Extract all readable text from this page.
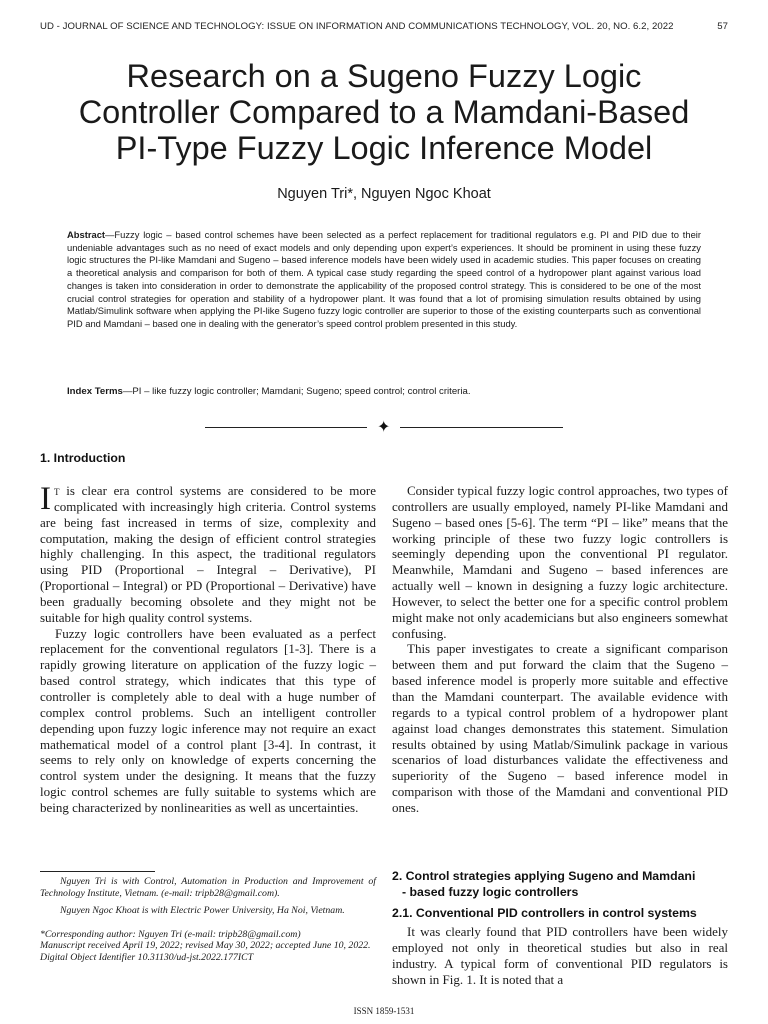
UD - JOURNAL OF SCIENCE AND TECHNOLOGY: ISSUE ON INFORMATION AND COMMUNICATIONS TECHNOLOGY, VOL. 20, NO. 6.2, 2022	57
Research on a Sugeno Fuzzy Logic
Controller Compared to a Mamdani-Based
PI-Type Fuzzy Logic Inference Model
Nguyen Tri*, Nguyen Ngoc Khoat
Abstract—Fuzzy logic – based control schemes have been selected as a perfect replacement for traditional regulators e.g. PI and PID due to their undeniable advantages such as no need of exact models and only depending upon expert’s experiences. It should be prominent in using these fuzzy logic structures the PI-like Mamdani and Sugeno – based inference models have been widely used in academic studies. This paper focuses on creating a theoretical analysis and comparison for both of them. A typical case study regarding the speed control of a hydropower plant against various load changes is taken into consideration in order to demonstrate the applicability of the proposed control strategy. This is considered to be one of the most crucial control strategies for operation and stability of a hydropower plant. It was found that a lot of promising simulation results obtained by using Matlab/Simulink software when applying the PI-like Sugeno fuzzy logic controller are superior to those of the existing counterparts such as conventional PID and Mamdani – based one in dealing with the generator’s speed control problem presented in this study.
Index Terms—PI – like fuzzy logic controller; Mamdani; Sugeno; speed control; control criteria.
✦
1. Introduction

It is clear era control systems are considered to be more complicated with increasingly high criteria. Control systems are being fast increased in terms of size, complexity and computation, making the design of efficient control strategies highly challenging. In this aspect, the traditional regulators using PID (Proportional – Integral – Derivative), PI (Proportional – Integral) or PD (Proportional – Derivative) have been gradually becoming obsolete and they might not be suitable for high quality control systems.

Fuzzy logic controllers have been evaluated as a perfect replacement for the conventional regulators [1-3]. There is a rapidly growing literature on application of the fuzzy logic – based control strategy, which indicates that this type of controller is completely able to deal with a huge number of complex control problems. Such an intelligent controller depending upon fuzzy logic inference may not require an exact mathematical model of a control plant [3-4]. In contrast, it seems to rely only on knowledge of experts concerning the control system under the designing. It means that the fuzzy logic control schemes are fully suitable to systems which are being characterized by nonlinearities as well as uncertainties.

Consider typical fuzzy logic control approaches, two types of controllers are usually employed, namely PI-like Mamdani and Sugeno – based ones [5-6]. The term “PI – like” means that the working principle of these two fuzzy logic controllers is seemingly depending upon the conventional PI regulator. Meanwhile, Mamdani and Sugeno – based inferences are actually well – known in designing a fuzzy logic architecture. However, to select the better one for a specific control problem might make not only academicians but also engineers somewhat confusing.

This paper investigates to create a significant comparison between them and put forward the claim that the Sugeno – based inference model is properly more suitable and effective than the Mamdani counterpart. The available evidence with regards to a typical control problem of a hydropower plant against load changes demonstrates this statement. Simulation results obtained by using Matlab/Simulink package in various scenarios of load disturbances validate the effectiveness and superiority of the Sugeno – based inference model in comparison with those of the Mamdani and conventional PID ones.

2. Control strategies applying Sugeno and Mamdani
- based fuzzy logic controllers
2.1. Conventional PID controllers in control systems

It was clearly found that PID controllers have been widely employed not only in theoretical studies but also in real industry. A typical form of conventional PID regulators is shown in Fig. 1. It is noted that a

Nguyen Tri is with Control, Automation in Production and Improvement of Technology Institute, Vietnam. (e-mail: tripb28@gmail.com).

Nguyen Ngoc Khoat is with Electric Power University, Ha Noi, Vietnam.

*Corresponding author: Nguyen Tri (e-mail: tripb28@gmail.com)

Manuscript received April 19, 2022; revised May 30, 2022; accepted June 10, 2022.

Digital Object Identifier 10.31130/ud-jst.2022.177ICT

ISSN 1859-1531
